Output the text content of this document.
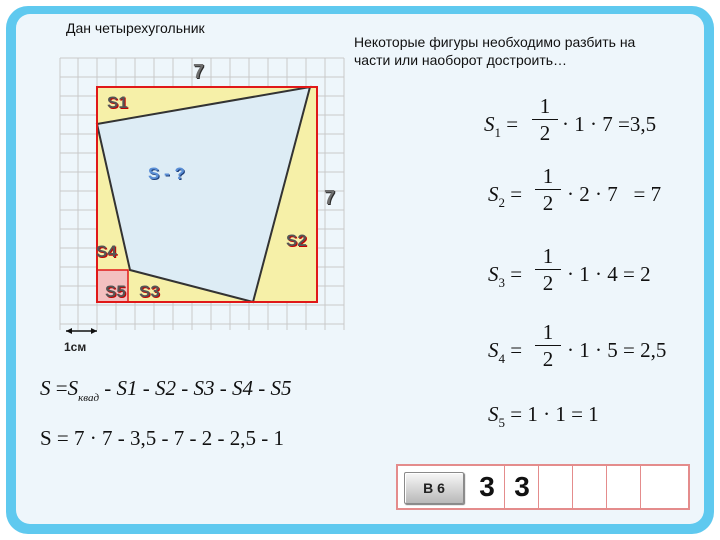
Дан четырехугольник
Некоторые фигуры необходимо разбить на части или наоборот достроить…
7
7
S - ?
S1
S2
S3
S4
S5
1см
$S_1$ =
1
2 · 1 · 7 =3,5
$S_2$ =
1
2 · 2 · 7 = 7
$S_3$ =
1
2 · 1 · 4 = 2
$S_4$ =
1
2 · 1 · 5 = 2,5
$S_5 = 1 \cdot 1 = 1$
$S =S_{квад} - S1 - S2 - S3 - S4 - S5$
S = 7 · 7 - 3,5 - 7 - 2 - 2,5 - 1
В 6	3 3
